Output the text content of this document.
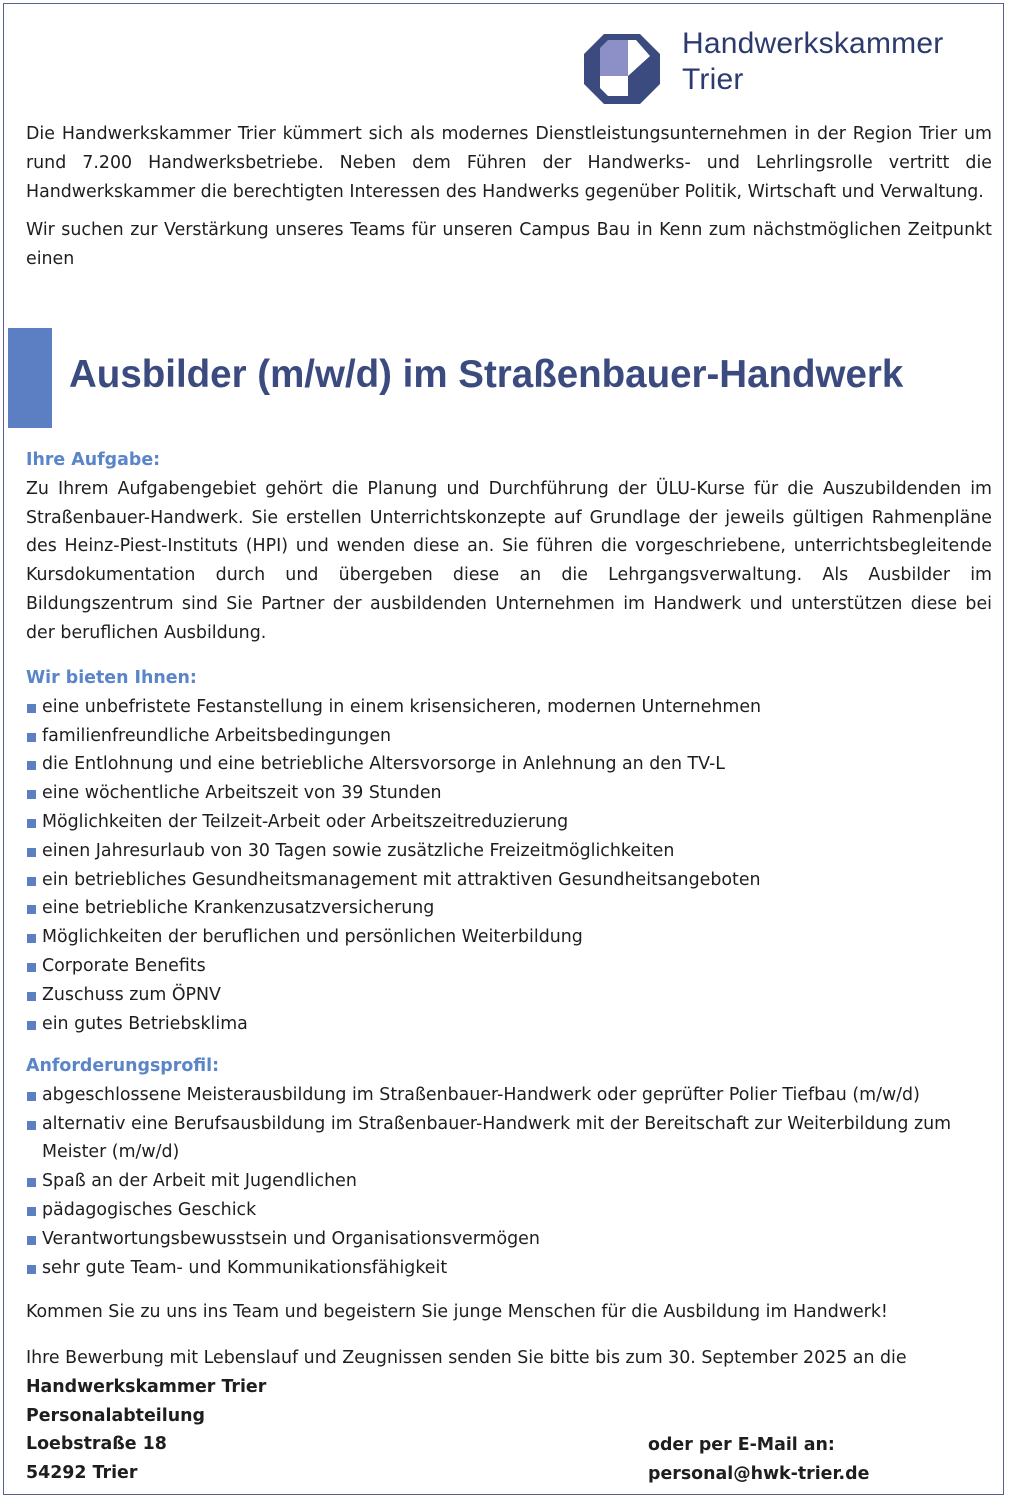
Handwerkskammer
Trier

Die Handwerkskammer Trier kümmert sich als modernes Dienstleistungsunternehmen in der Region Trier um rund 7.200 Handwerksbetriebe. Neben dem Führen der Handwerks- und Lehrlingsrolle vertritt die Handwerkskammer die berechtigten Interessen des Handwerks gegenüber Politik, Wirtschaft und Verwaltung.

Wir suchen zur Verstärkung unseres Teams für unseren Campus Bau in Kenn zum nächstmöglichen Zeitpunkt einen

Ausbilder (m/w/d) im Straßenbauer-Handwerk
Ihre Aufgabe:

Zu Ihrem Aufgabengebiet gehört die Planung und Durchführung der ÜLU-Kurse für die Auszubildenden im Straßenbauer-Handwerk. Sie erstellen Unterrichtskonzepte auf Grundlage der jeweils gültigen Rahmenpläne des Heinz-Piest-Instituts (HPI) und wenden diese an. Sie führen die vorgeschriebene, unterrichtsbegleitende Kursdokumentation durch und übergeben diese an die Lehrgangsverwaltung. Als Ausbilder im Bildungszentrum sind Sie Partner der ausbildenden Unternehmen im Handwerk und unterstützen diese bei der beruflichen Ausbildung.

Wir bieten Ihnen:
eine unbefristete Festanstellung in einem krisensicheren, modernen Unternehmen
familienfreundliche Arbeitsbedingungen
die Entlohnung und eine betriebliche Altersvorsorge in Anlehnung an den TV-L
eine wöchentliche Arbeitszeit von 39 Stunden
Möglichkeiten der Teilzeit-Arbeit oder Arbeitszeitreduzierung
einen Jahresurlaub von 30 Tagen sowie zusätzliche Freizeitmöglichkeiten
ein betriebliches Gesundheitsmanagement mit attraktiven Gesundheitsangeboten
eine betriebliche Krankenzusatzversicherung
Möglichkeiten der beruflichen und persönlichen Weiterbildung
Corporate Benefits
Zuschuss zum ÖPNV
ein gutes Betriebsklima
Anforderungsprofil:
abgeschlossene Meisterausbildung im Straßenbauer-Handwerk oder geprüfter Polier Tiefbau (m/w/d)
alternativ eine Berufsausbildung im Straßenbauer-Handwerk mit der Bereitschaft zur Weiterbildung zum Meister (m/w/d)
Spaß an der Arbeit mit Jugendlichen
pädagogisches Geschick
Verantwortungsbewusstsein und Organisationsvermögen
sehr gute Team- und Kommunikationsfähigkeit

Kommen Sie zu uns ins Team und begeistern Sie junge Menschen für die Ausbildung im Handwerk!

Ihre Bewerbung mit Lebenslauf und Zeugnissen senden Sie bitte bis zum 30. September 2025 an die

Handwerkskammer Trier
Personalabteilung
Loebstraße 18
54292 Trier
oder per E-Mail an:
personal@hwk-trier.de
